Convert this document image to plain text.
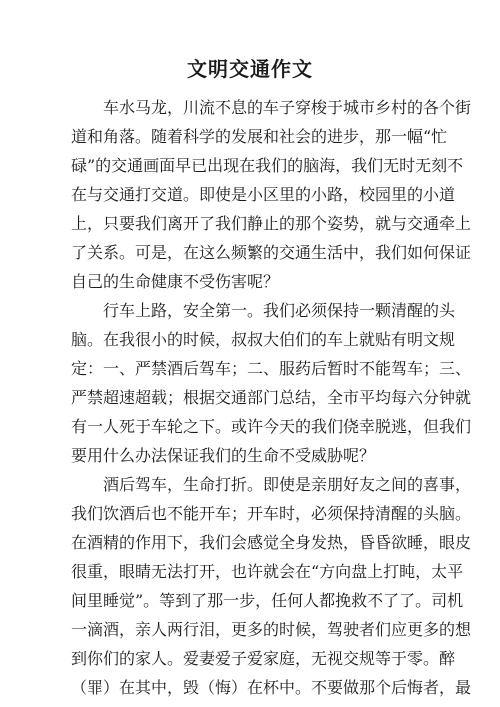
文明交通作文
车水马龙，川流不息的车子穿梭于城市乡村的各个街
道和角落。随着科学的发展和社会的进步，那一幅“忙
碌”的交通画面早已出现在我们的脑海，我们无时无刻不
在与交通打交道。即使是小区里的小路，校园里的小道
上，只要我们离开了我们静止的那个姿势，就与交通牵上
了关系。可是，在这么频繁的交通生活中，我们如何保证
自己的生命健康不受伤害呢？
行车上路，安全第一。我们必须保持一颗清醒的头
脑。在我很小的时候，叔叔大伯们的车上就贴有明文规
定：一、严禁酒后驾车；二、服药后暂时不能驾车；三、
严禁超速超载；根据交通部门总结，全市平均每六分钟就
有一人死于车轮之下。或许今天的我们侥幸脱逃，但我们
要用什么办法保证我们的生命不受威胁呢？
酒后驾车，生命打折。即使是亲朋好友之间的喜事，
我们饮酒后也不能开车；开车时，必须保持清醒的头脑。
在酒精的作用下，我们会感觉全身发热，昏昏欲睡，眼皮
很重，眼睛无法打开，也许就会在“方向盘上打盹，太平
间里睡觉”。等到了那一步，任何人都挽救不了了。司机
一滴酒，亲人两行泪，更多的时候，驾驶者们应更多的想
到你们的家人。爱妻爱子爱家庭，无视交规等于零。醉
（罪）在其中，毁（悔）在杯中。不要做那个后悔者，最
